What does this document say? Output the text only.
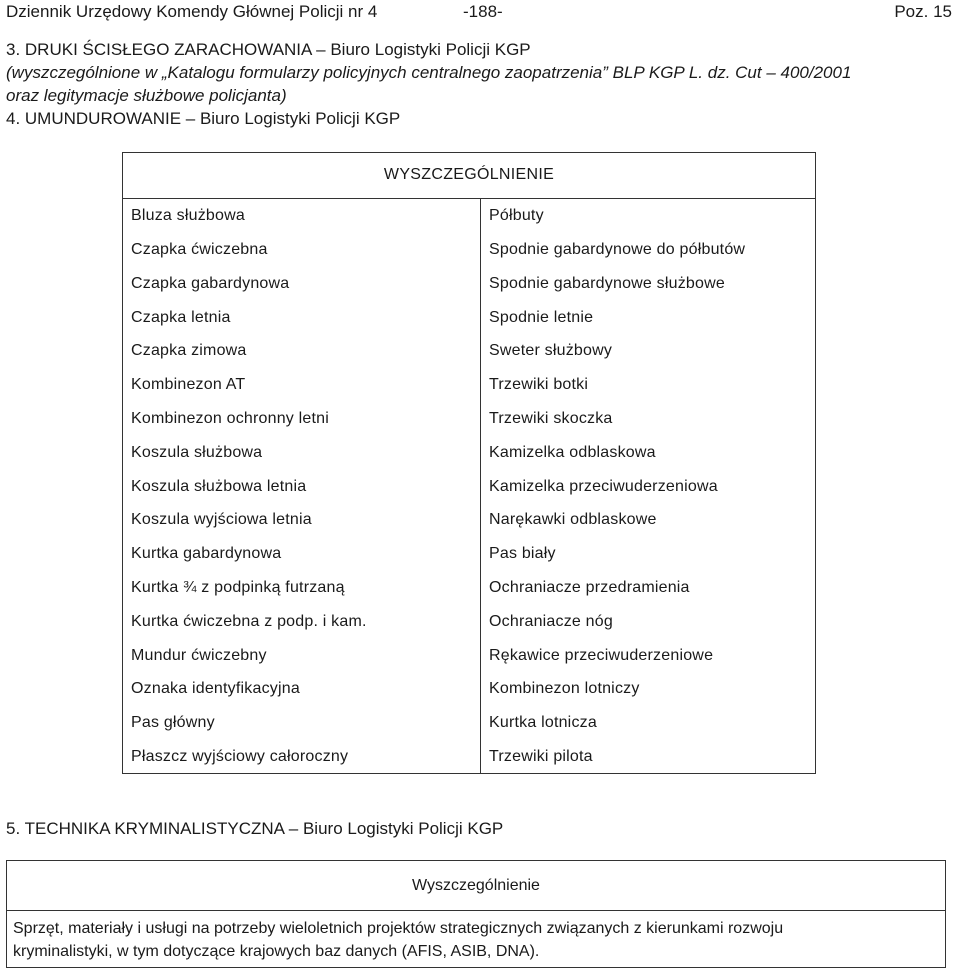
Dziennik Urzędowy Komendy Głównej Policji nr 4	-188-	Poz. 15
3. DRUKI ŚCISŁEGO ZARACHOWANIA – Biuro Logistyki Policji KGP
(wyszczególnione w „Katalogu formularzy policyjnych centralnego zaopatrzenia” BLP KGP L. dz. Cut – 400/2001
oraz legitymacje służbowe policjanta)
4. UMUNDUROWANIE – Biuro Logistyki Policji KGP
WYSZCZEGÓLNIENIE
Bluza służbowa
Czapka ćwiczebna
Czapka gabardynowa
Czapka letnia
Czapka zimowa
Kombinezon AT
Kombinezon ochronny letni
Koszula służbowa
Koszula służbowa letnia
Koszula wyjściowa letnia
Kurtka gabardynowa
Kurtka ¾ z podpinką futrzaną
Kurtka ćwiczebna z podp. i kam.
Mundur ćwiczebny
Oznaka identyfikacyjna
Pas główny
Płaszcz wyjściowy całoroczny
Półbuty
Spodnie gabardynowe do półbutów
Spodnie gabardynowe służbowe
Spodnie letnie
Sweter służbowy
Trzewiki botki
Trzewiki skoczka
Kamizelka odblaskowa
Kamizelka przeciwuderzeniowa
Narękawki odblaskowe
Pas biały
Ochraniacze przedramienia
Ochraniacze nóg
Rękawice przeciwuderzeniowe
Kombinezon lotniczy
Kurtka lotnicza
Trzewiki pilota
5. TECHNIKA KRYMINALISTYCZNA – Biuro Logistyki Policji KGP
Wyszczególnienie
Sprzęt, materiały i usługi na potrzeby wieloletnich projektów strategicznych związanych z kierunkami rozwoju
kryminalistyki, w tym dotyczące krajowych baz danych (AFIS, ASIB, DNA).
